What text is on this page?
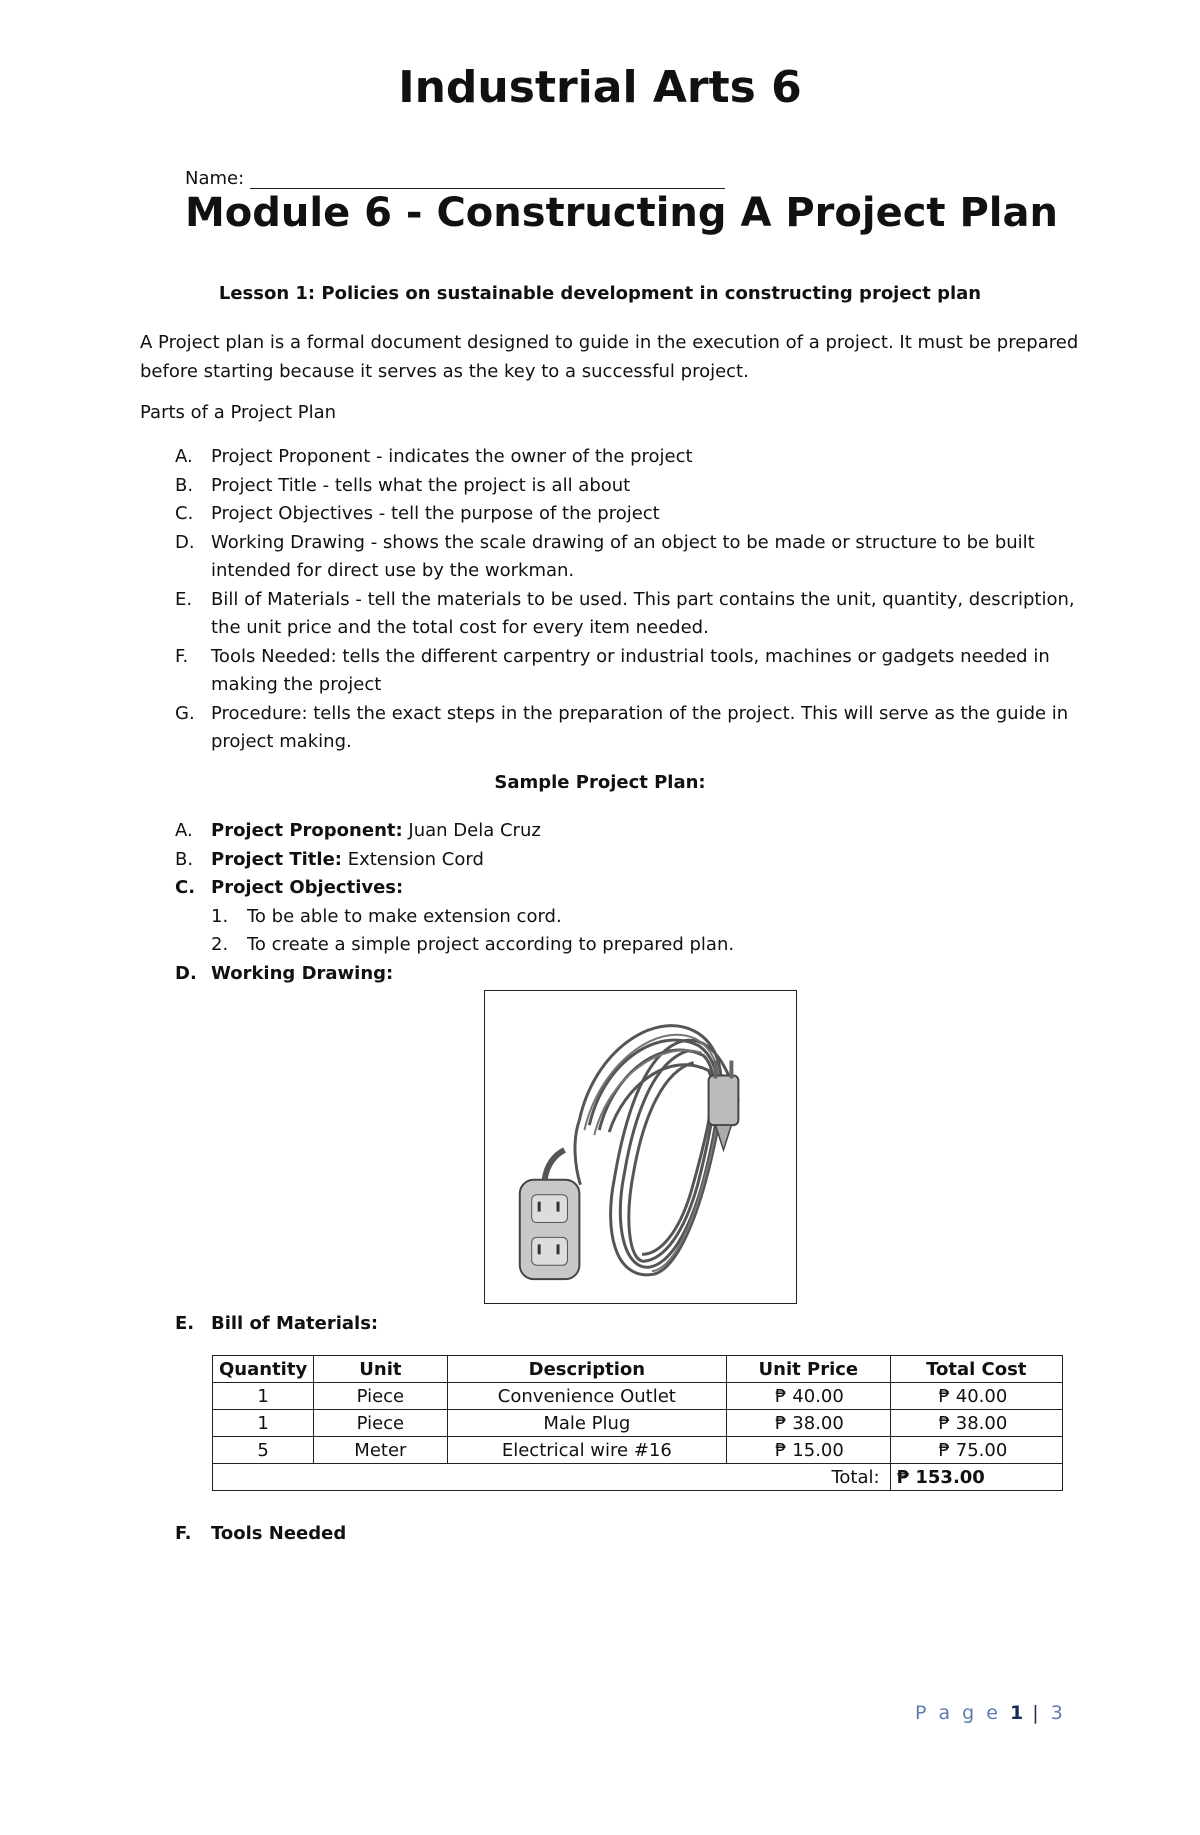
Industrial Arts 6
Name:
Module 6 - Constructing A Project Plan
Lesson 1: Policies on sustainable development in constructing project plan
A Project plan is a formal document designed to guide in the execution of a project. It must be prepared before starting because it serves as the key to a successful project.
Parts of a Project Plan
A. Project Proponent - indicates the owner of the project
B. Project Title - tells what the project is all about
C. Project Objectives - tell the purpose of the project
D. Working Drawing - shows the scale drawing of an object to be made or structure to be built intended for direct use by the workman.
E. Bill of Materials - tell the materials to be used. This part contains the unit, quantity, description, the unit price and the total cost for every item needed.
F. Tools Needed: tells the different carpentry or industrial tools, machines or gadgets needed in making the project
G. Procedure: tells the exact steps in the preparation of the project. This will serve as the guide in project making.
Sample Project Plan:
A. Project Proponent: Juan Dela Cruz
B. Project Title: Extension Cord
C. Project Objectives:
1. To be able to make extension cord.
2. To create a simple project according to prepared plan.
D. Working Drawing:
E. Bill of Materials:
Quantity	Unit	Description	Unit Price	Total Cost
1	Piece	Convenience Outlet	₱ 40.00	₱ 40.00
1	Piece	Male Plug	₱ 38.00	₱ 38.00
5	Meter	Electrical wire #16	₱ 15.00	₱ 75.00
Total:				₱ 153.00
F. Tools Needed
P a g e 1 | 3
